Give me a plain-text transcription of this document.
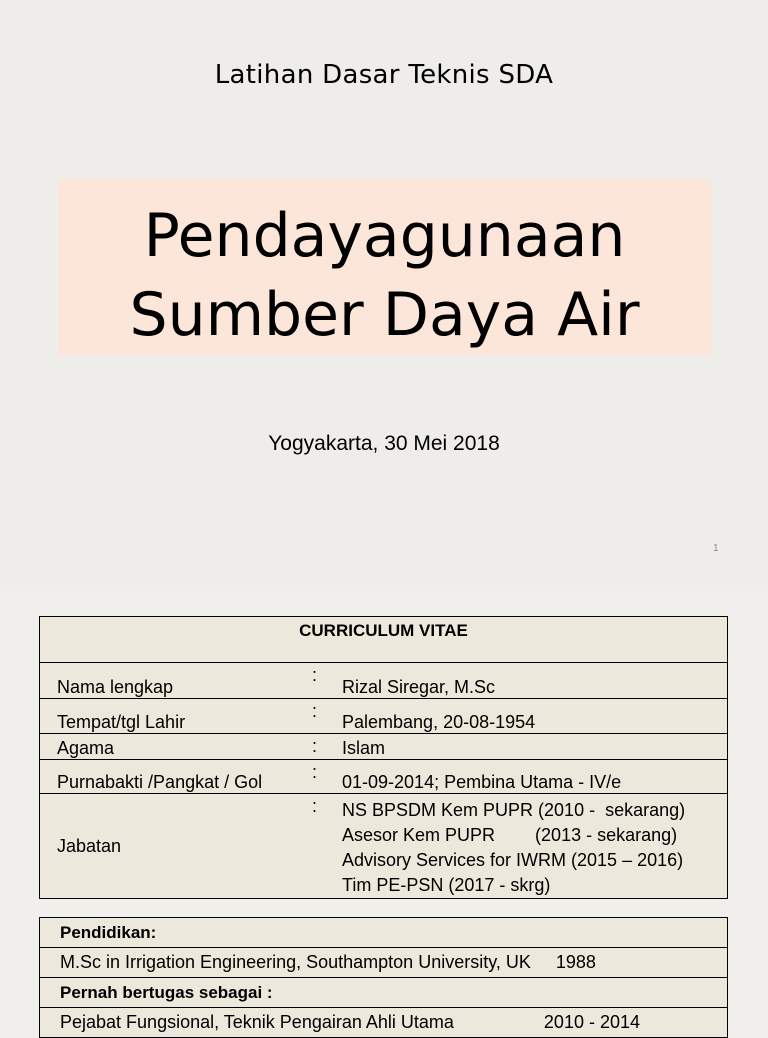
Latihan Dasar Teknis SDA
Pendayagunaan
Sumber Daya Air
Yogyakarta, 30 Mei 2018
1
CURRICULUM VITAE		
Nama lengkap	:	Rizal Siregar, M.Sc
Tempat/tgl Lahir	:	Palembang, 20-08-1954
Agama	:	Islam
Purnabakti /Pangkat / Gol	:	01-09-2014; Pembina Utama - IV/e
Jabatan	:	NS BPSDM Kem PUPR (2010 -  sekarang)
Asesor Kem PUPR        (2013 - sekarang)
Advisory Services for IWRM (2015 – 2016)
Tim PE-PSN (2017 - skrg)
Pendidikan:
M.Sc in Irrigation Engineering, Southampton University, UK 1988
Pernah bertugas sebagai :
Pejabat Fungsional, Teknik Pengairan Ahli Utama	2010 - 2014
